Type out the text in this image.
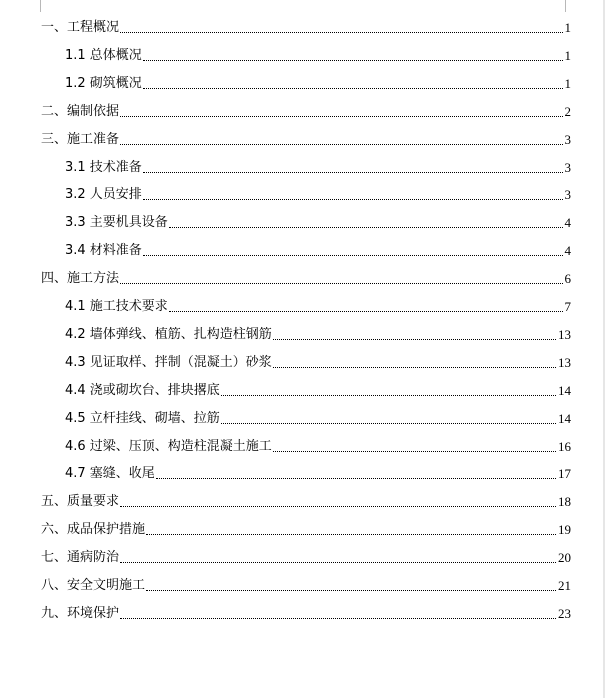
一、工程概况	1
1.1 总体概况	1
1.2 砌筑概况	1
二、编制依据	2
三、施工准备	3
3.1 技术准备	3
3.2 人员安排	3
3.3 主要机具设备	4
3.4 材料准备	4
四、施工方法	6
4.1 施工技术要求	7
4.2 墙体弹线、植筋、扎构造柱钢筋	13
4.3 见证取样、拌制（混凝土）砂浆	13
4.4 浇或砌坎台、排块撂底	14
4.5 立杆挂线、砌墙、拉筋	14
4.6 过梁、压顶、构造柱混凝土施工	16
4.7 塞缝、收尾	17
五、质量要求	18
六、成品保护措施	19
七、通病防治	20
八、安全文明施工	21
九、环境保护	23
